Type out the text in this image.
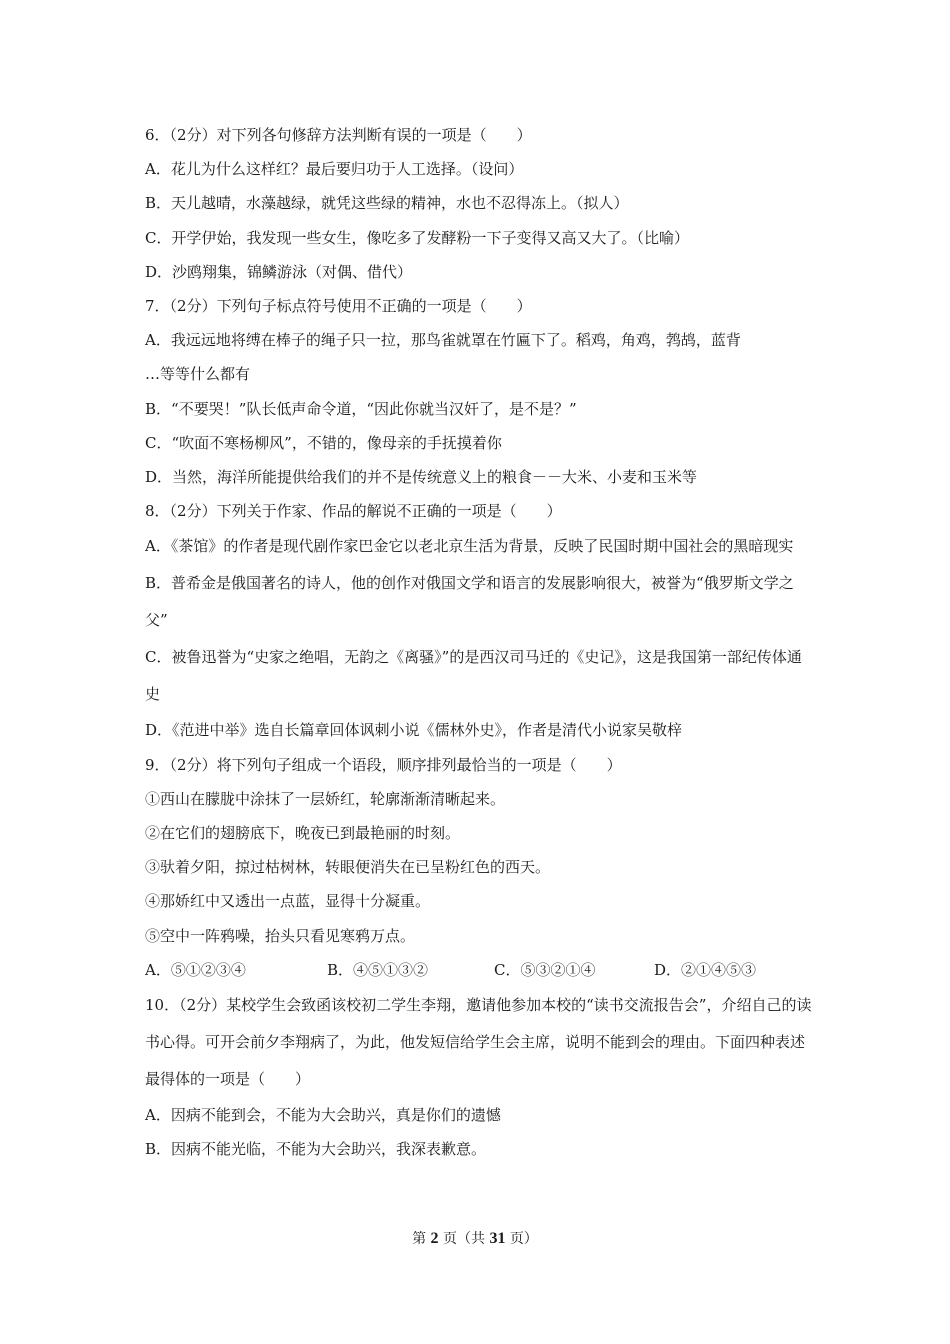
6．（2分）对下列各句修辞方法判断有误的一项是（　　）
A．花儿为什么这样红？最后要归功于人工选择。（设问）
B．天儿越晴，水藻越绿，就凭这些绿的精神，水也不忍得冻上。（拟人）
C．开学伊始，我发现一些女生，像吃多了发酵粉一下子变得又高又大了。（比喻）
D．沙鸥翔集，锦鳞游泳（对偶、借代）
7．（2分）下列句子标点符号使用不正确的一项是（　　）
A．我远远地将缚在棒子的绳子只一拉，那鸟雀就罩在竹匾下了。稻鸡，角鸡，鹁鸪，蓝背
…等等什么都有
B．“不要哭！”队长低声命令道，“因此你就当汉奸了，是不是？”
C．“吹面不寒杨柳风”，不错的，像母亲的手抚摸着你
D．当然，海洋所能提供给我们的并不是传统意义上的粮食－－大米、小麦和玉米等
8．（2分）下列关于作家、作品的解说不正确的一项是（　　）
A．《茶馆》的作者是现代剧作家巴金它以老北京生活为背景，反映了民国时期中国社会的黑暗现实
B．普希金是俄国著名的诗人，他的创作对俄国文学和语言的发展影响很大，被誉为“俄罗斯文学之父”
C．被鲁迅誉为“史家之绝唱，无韵之《离骚》”的是西汉司马迁的《史记》，这是我国第一部纪传体通史
D．《范进中举》选自长篇章回体讽刺小说《儒林外史》，作者是清代小说家吴敬梓
9．（2分）将下列句子组成一个语段，顺序排列最恰当的一项是（　　）
①西山在朦胧中涂抹了一层娇红，轮廓渐渐清晰起来。
②在它们的翅膀底下，晚夜已到最艳丽的时刻。
③驮着夕阳，掠过枯树林，转眼便消失在已呈粉红色的西天。
④那娇红中又透出一点蓝，显得十分凝重。
⑤空中一阵鸦噪，抬头只看见寒鸦万点。
A．⑤①②③④	B．④⑤①③②	C．⑤③②①④	D．②①④⑤③
10．（2分）某校学生会致函该校初二学生李翔，邀请他参加本校的“读书交流报告会”，介绍自己的读书心得。可开会前夕李翔病了，为此，他发短信给学生会主席，说明不能到会的理由。下面四种表述最得体的一项是（　　）
A．因病不能到会，不能为大会助兴，真是你们的遗憾
B．因病不能光临，不能为大会助兴，我深表歉意。
第 2 页（共 31 页）
